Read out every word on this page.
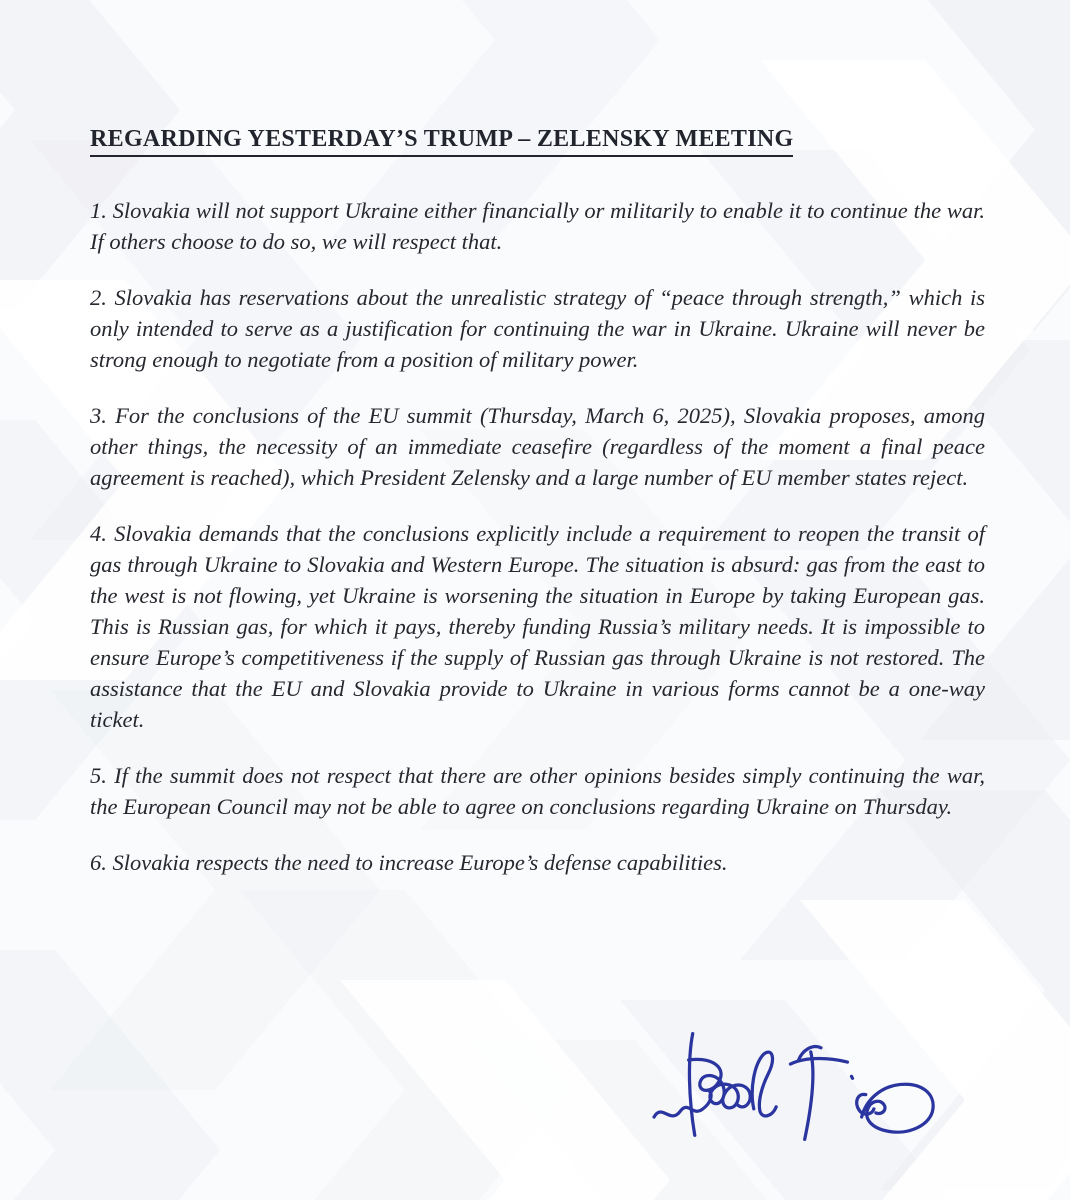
REGARDING YESTERDAY’S TRUMP – ZELENSKY MEETING

1. Slovakia will not support Ukraine either financially or militarily to enable it to continue the war. If others choose to do so, we will respect that.

2. Slovakia has reservations about the unrealistic strategy of “peace through strength,” which is only intended to serve as a justification for continuing the war in Ukraine. Ukraine will never be strong enough to negotiate from a position of military power.

3. For the conclusions of the EU summit (Thursday, March 6, 2025), Slovakia proposes, among other things, the necessity of an immediate ceasefire (regardless of the moment a final peace agreement is reached), which President Zelensky and a large number of EU member states reject.

4. Slovakia demands that the conclusions explicitly include a requirement to reopen the transit of gas through Ukraine to Slovakia and Western Europe. The situation is absurd: gas from the east to the west is not flowing, yet Ukraine is worsening the situation in Europe by taking European gas. This is Russian gas, for which it pays, thereby funding Russia’s military needs. It is impossible to ensure Europe’s competitiveness if the supply of Russian gas through Ukraine is not restored. The assistance that the EU and Slovakia provide to Ukraine in various forms cannot be a one-way ticket.

5. If the summit does not respect that there are other opinions besides simply continuing the war, the European Council may not be able to agree on conclusions regarding Ukraine on Thursday.

6. Slovakia respects the need to increase Europe’s defense capabilities.
